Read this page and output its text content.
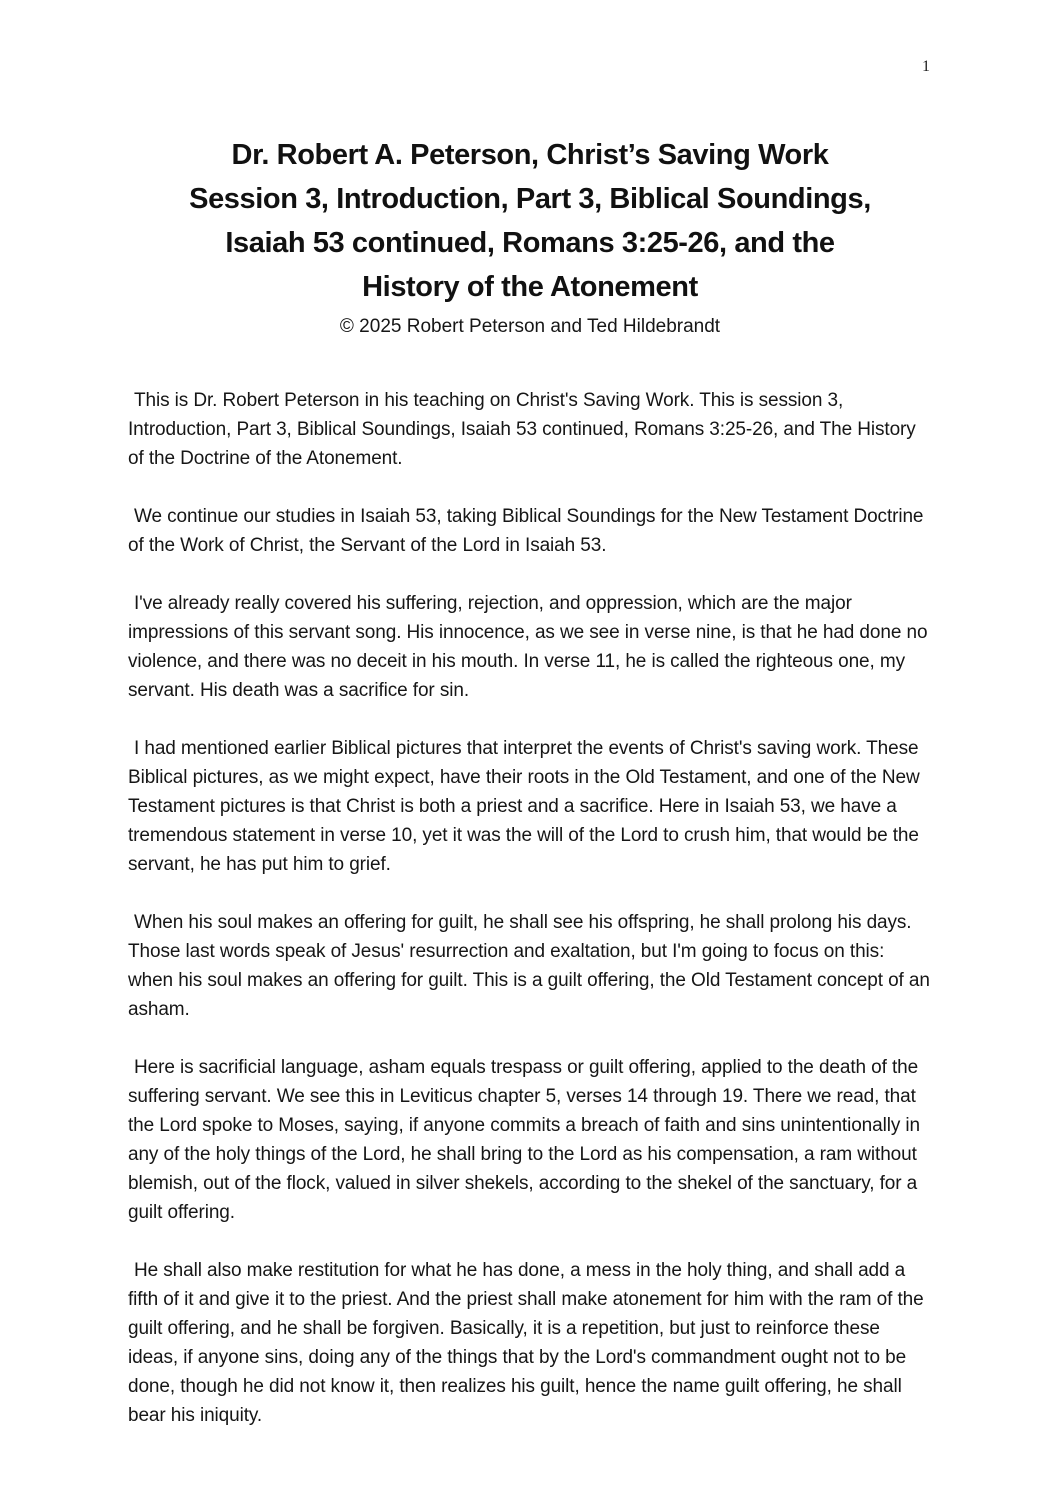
1
Dr. Robert A. Peterson, Christ’s Saving Work
Session 3, Introduction, Part 3, Biblical Soundings,
Isaiah 53 continued, Romans 3:25-26, and the
History of the Atonement
© 2025 Robert Peterson and Ted Hildebrandt

This is Dr. Robert Peterson in his teaching on Christ's Saving Work. This is session 3, Introduction, Part 3, Biblical Soundings, Isaiah 53 continued, Romans 3:25-26, and The History of the Doctrine of the Atonement.

We continue our studies in Isaiah 53, taking Biblical Soundings for the New Testament Doctrine of the Work of Christ, the Servant of the Lord in Isaiah 53.

I've already really covered his suffering, rejection, and oppression, which are the major impressions of this servant song. His innocence, as we see in verse nine, is that he had done no violence, and there was no deceit in his mouth. In verse 11, he is called the righteous one, my servant. His death was a sacrifice for sin.

I had mentioned earlier Biblical pictures that interpret the events of Christ's saving work. These Biblical pictures, as we might expect, have their roots in the Old Testament, and one of the New Testament pictures is that Christ is both a priest and a sacrifice. Here in Isaiah 53, we have a tremendous statement in verse 10, yet it was the will of the Lord to crush him, that would be the servant, he has put him to grief.

When his soul makes an offering for guilt, he shall see his offspring, he shall prolong his days. Those last words speak of Jesus' resurrection and exaltation, but I'm going to focus on this: when his soul makes an offering for guilt. This is a guilt offering, the Old Testament concept of an asham.

Here is sacrificial language, asham equals trespass or guilt offering, applied to the death of the suffering servant. We see this in Leviticus chapter 5, verses 14 through 19. There we read, that the Lord spoke to Moses, saying, if anyone commits a breach of faith and sins unintentionally in any of the holy things of the Lord, he shall bring to the Lord as his compensation, a ram without blemish, out of the flock, valued in silver shekels, according to the shekel of the sanctuary, for a guilt offering.

He shall also make restitution for what he has done, a mess in the holy thing, and shall add a fifth of it and give it to the priest. And the priest shall make atonement for him with the ram of the guilt offering, and he shall be forgiven. Basically, it is a repetition, but just to reinforce these ideas, if anyone sins, doing any of the things that by the Lord's commandment ought not to be done, though he did not know it, then realizes his guilt, hence the name guilt offering, he shall bear his iniquity.
